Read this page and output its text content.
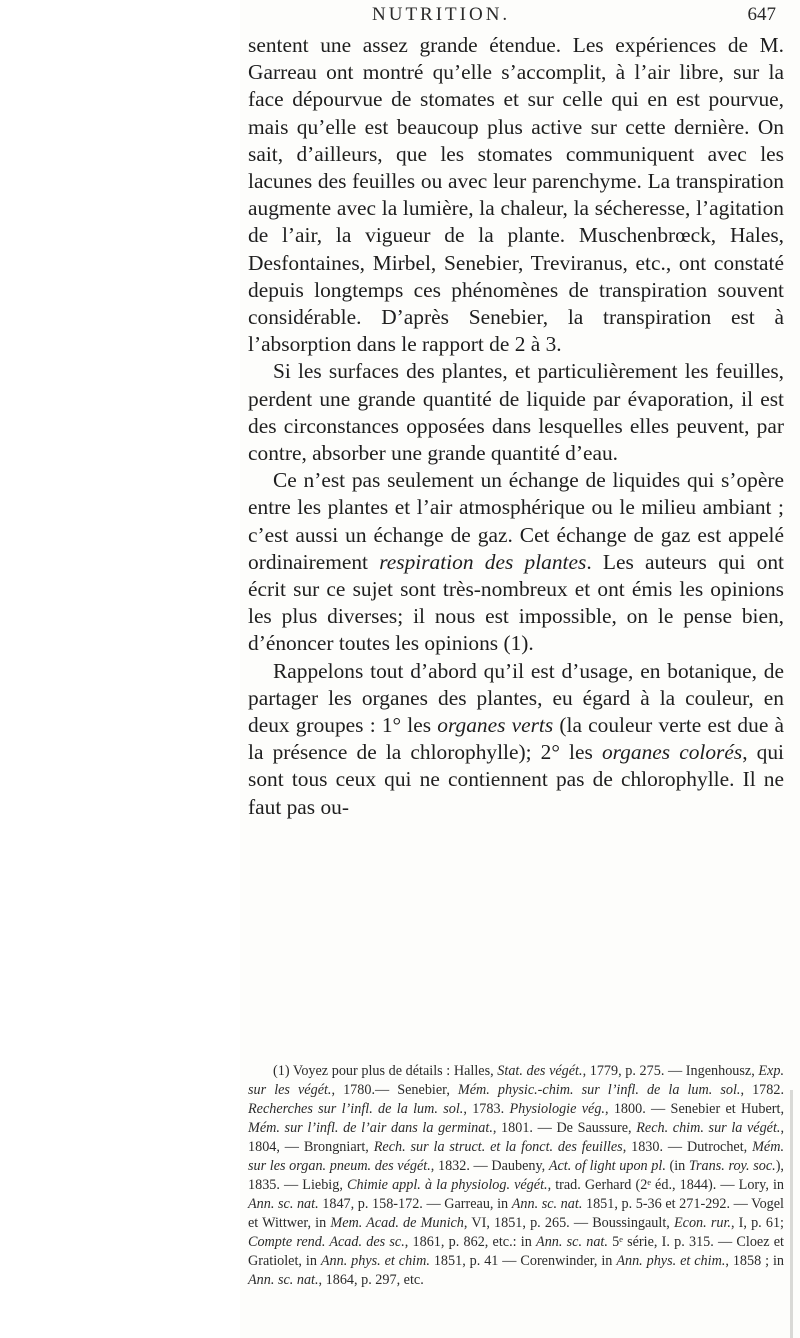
NUTRITION.	647

sentent une assez grande étendue. Les expériences de M. Garreau ont montré qu’elle s’accomplit, à l’air libre, sur la face dépourvue de stomates et sur celle qui en est pourvue, mais qu’elle est beaucoup plus active sur cette dernière. On sait, d’ailleurs, que les stomates communiquent avec les lacunes des feuilles ou avec leur parenchyme. La transpiration augmente avec la lumière, la chaleur, la sécheresse, l’agitation de l’air, la vigueur de la plante. Muschenbrœck, Hales, Desfontaines, Mirbel, Senebier, Treviranus, etc., ont constaté depuis longtemps ces phénomènes de transpiration souvent considérable. D’après Senebier, la transpiration est à l’absorption dans le rapport de 2 à 3.

Si les surfaces des plantes, et particulièrement les feuilles, perdent une grande quantité de liquide par évaporation, il est des circonstances opposées dans lesquelles elles peuvent, par contre, absorber une grande quantité d’eau.

Ce n’est pas seulement un échange de liquides qui s’opère entre les plantes et l’air atmosphérique ou le milieu ambiant ; c’est aussi un échange de gaz. Cet échange de gaz est appelé ordinairement respiration des plantes. Les auteurs qui ont écrit sur ce sujet sont très-nombreux et ont émis les opinions les plus diverses; il nous est impossible, on le pense bien, d’énoncer toutes les opinions (1).

Rappelons tout d’abord qu’il est d’usage, en botanique, de partager les organes des plantes, eu égard à la couleur, en deux groupes : 1° les organes verts (la couleur verte est due à la présence de la chlorophylle); 2° les organes colorés, qui sont tous ceux qui ne contiennent pas de chlorophylle. Il ne faut pas ou-

(1) Voyez pour plus de détails : Halles, Stat. des végét., 1779, p. 275. — Ingenhousz, Exp. sur les végét., 1780.— Senebier, Mém. physic.-chim. sur l’infl. de la lum. sol., 1782. Recherches sur l’infl. de la lum. sol., 1783. Physiologie vég., 1800. — Senebier et Hubert, Mém. sur l’infl. de l’air dans la germinat., 1801. — De Saussure, Rech. chim. sur la végét., 1804, — Brongniart, Rech. sur la struct. et la fonct. des feuilles, 1830. — Dutrochet, Mém. sur les organ. pneum. des végét., 1832. — Daubeny, Act. of light upon pl. (in Trans. roy. soc.), 1835. — Liebig, Chimie appl. à la physiolog. végét., trad. Gerhard (2ᵉ éd., 1844). — Lory, in Ann. sc. nat. 1847, p. 158-172. — Garreau, in Ann. sc. nat. 1851, p. 5-36 et 271-292. — Vogel et Wittwer, in Mem. Acad. de Munich, VI, 1851, p. 265. — Boussingault, Econ. rur., I, p. 61; Compte rend. Acad. des sc., 1861, p. 862, etc.: in Ann. sc. nat. 5ᵉ série, I. p. 315. — Cloez et Gratiolet, in Ann. phys. et chim. 1851, p. 41 — Corenwinder, in Ann. phys. et chim., 1858 ; in Ann. sc. nat., 1864, p. 297, etc.
